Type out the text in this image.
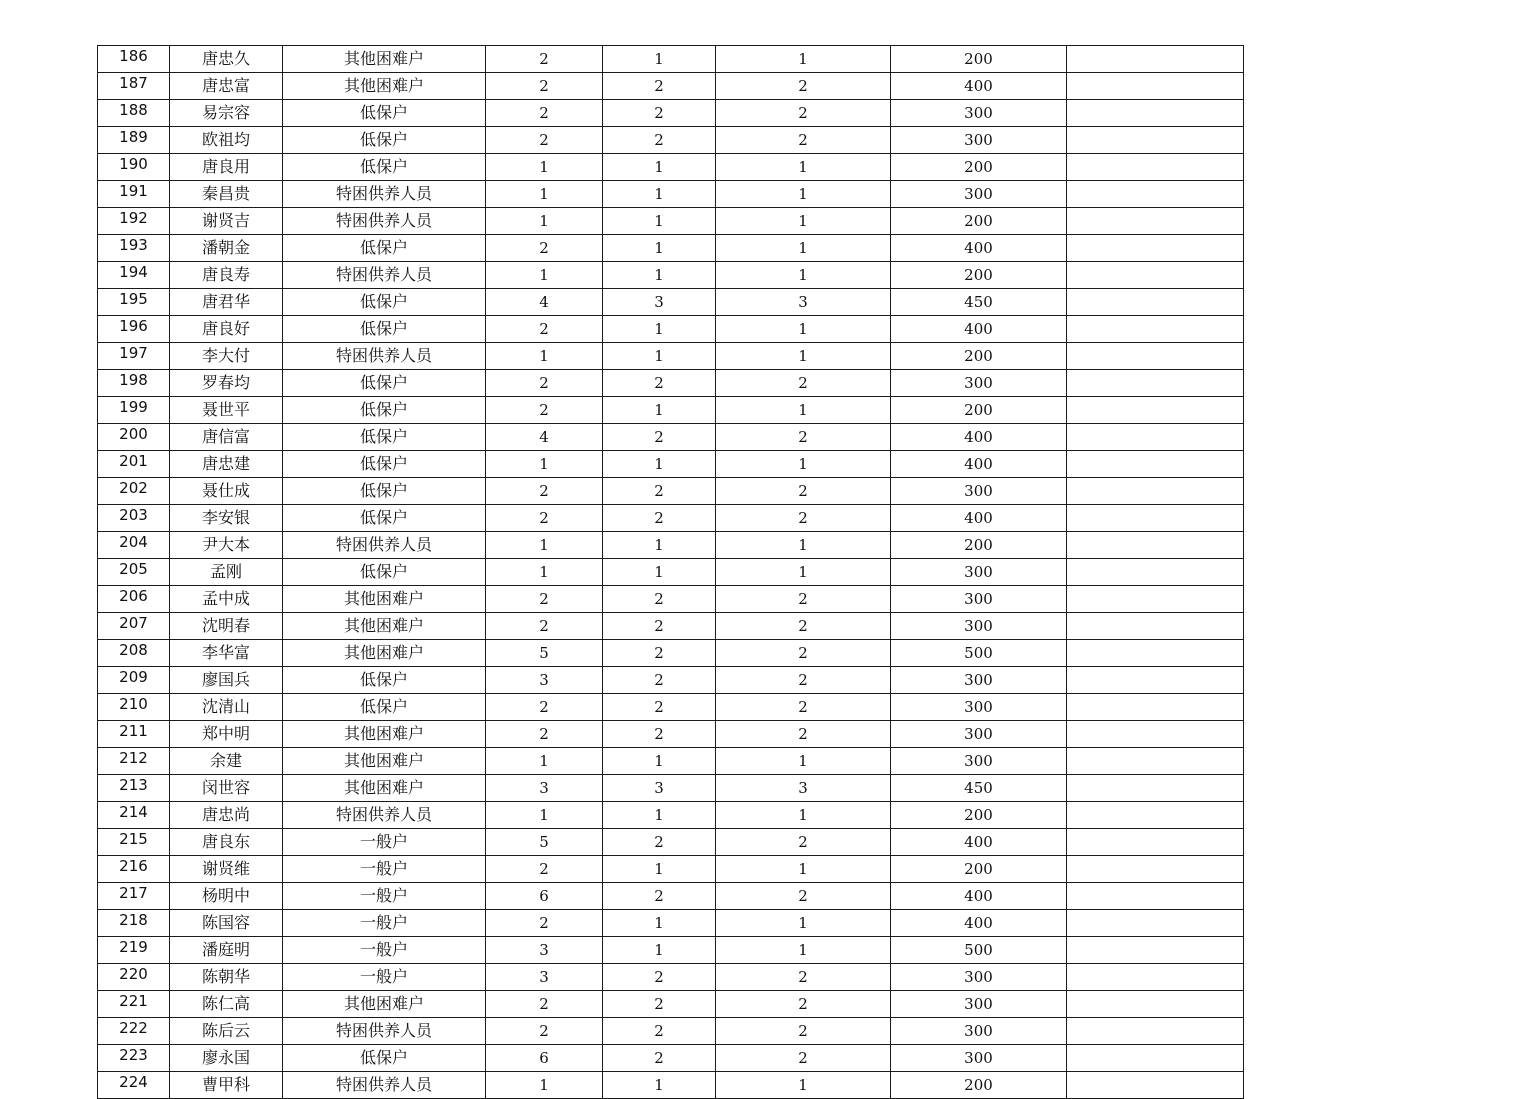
186	唐忠久	其他困难户	2	1	1	200	
187	唐忠富	其他困难户	2	2	2	400	
188	易宗容	低保户	2	2	2	300	
189	欧祖均	低保户	2	2	2	300	
190	唐良用	低保户	1	1	1	200	
191	秦昌贵	特困供养人员	1	1	1	300	
192	谢贤吉	特困供养人员	1	1	1	200	
193	潘朝金	低保户	2	1	1	400	
194	唐良寿	特困供养人员	1	1	1	200	
195	唐君华	低保户	4	3	3	450	
196	唐良好	低保户	2	1	1	400	
197	李大付	特困供养人员	1	1	1	200	
198	罗春均	低保户	2	2	2	300	
199	聂世平	低保户	2	1	1	200	
200	唐信富	低保户	4	2	2	400	
201	唐忠建	低保户	1	1	1	400	
202	聂仕成	低保户	2	2	2	300	
203	李安银	低保户	2	2	2	400	
204	尹大本	特困供养人员	1	1	1	200	
205	孟刚	低保户	1	1	1	300	
206	孟中成	其他困难户	2	2	2	300	
207	沈明春	其他困难户	2	2	2	300	
208	李华富	其他困难户	5	2	2	500	
209	廖国兵	低保户	3	2	2	300	
210	沈清山	低保户	2	2	2	300	
211	郑中明	其他困难户	2	2	2	300	
212	余建	其他困难户	1	1	1	300	
213	闵世容	其他困难户	3	3	3	450	
214	唐忠尚	特困供养人员	1	1	1	200	
215	唐良东	一般户	5	2	2	400	
216	谢贤维	一般户	2	1	1	200	
217	杨明中	一般户	6	2	2	400	
218	陈国容	一般户	2	1	1	400	
219	潘庭明	一般户	3	1	1	500	
220	陈朝华	一般户	3	2	2	300	
221	陈仁高	其他困难户	2	2	2	300	
222	陈后云	特困供养人员	2	2	2	300	
223	廖永国	低保户	6	2	2	300	
224	曹甲科	特困供养人员	1	1	1	200	
